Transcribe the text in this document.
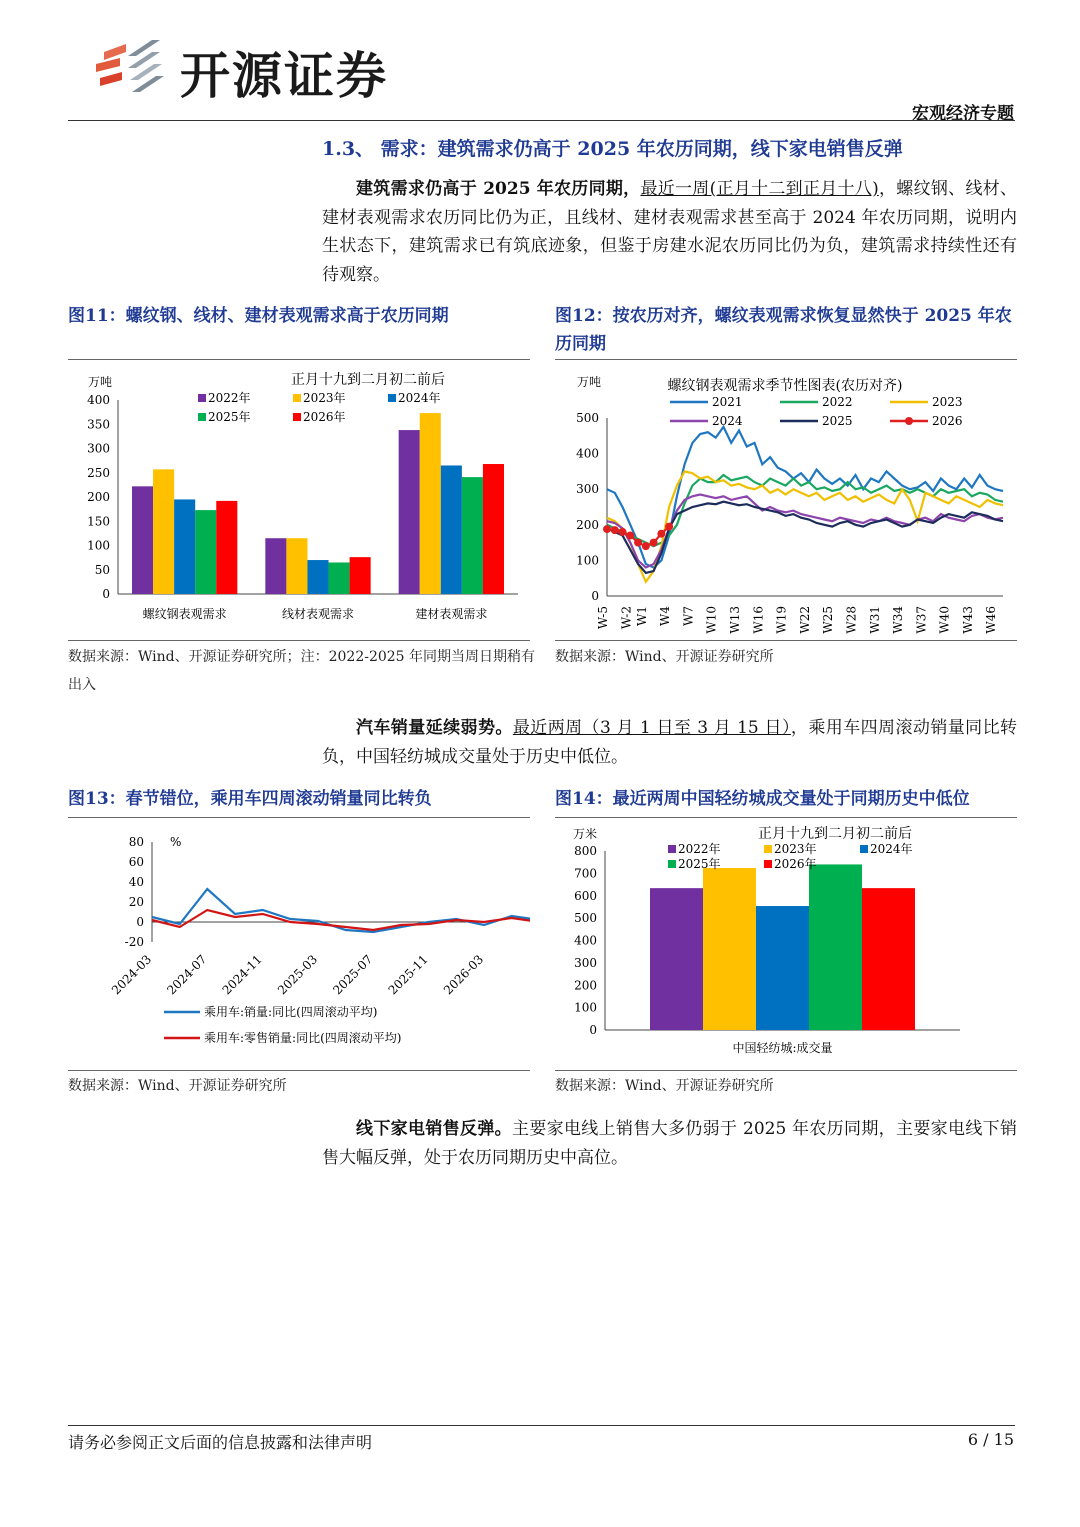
开源证券
宏观经济专题
1.3、 需求：建筑需求仍高于 2025 年农历同期，线下家电销售反弹
建筑需求仍高于 2025 年农历同期，最近一周(正月十二到正月十八)，螺纹钢、线材、建材表观需求农历同比仍为正，且线材、建材表观需求甚至高于 2024 年农历同期，说明内生状态下，建筑需求已有筑底迹象，但鉴于房建水泥农历同比仍为负，建筑需求持续性还有待观察。
图11：螺纹钢、线材、建材表观需求高于农历同期
万吨	正月十九到二月初二前后
0
50
100
150
200
250
300
350
400
螺纹钢表观需求	线材表观需求	建材表观需求
2022年	2023年	2024年
2025年	2026年
数据来源：Wind、开源证券研究所；注：2022-2025 年同期当周日期稍有出入
图12：按农历对齐，螺纹表观需求恢复显然快于 2025 年农历同期
万吨	螺纹钢表观需求季节性图表(农历对齐)
0
100
200
300
400
500
W-5 W-2 W1 W4 W7 W10 W13 W16 W19 W22 W25 W28 W31 W34 W37 W40 W43 W46
2021	2022	2023
2024	2025	2026
数据来源：Wind、开源证券研究所
汽车销量延续弱势。最近两周（3 月 1 日至 3 月 15 日），乘用车四周滚动销量同比转负，中国轻纺城成交量处于历史中低位。
图13：春节错位，乘用车四周滚动销量同比转负
%
-20
0
20
40
60
80
2024-03 2024-07 2024-11 2025-03 2025-07 2025-11 2026-03
乘用车:销量:同比(四周滚动平均)
乘用车:零售销量:同比(四周滚动平均)
数据来源：Wind、开源证券研究所
图14：最近两周中国轻纺城成交量处于同期历史中低位
万米	正月十九到二月初二前后
0
100
200
300
400
500
600
700
800
中国轻纺城:成交量
2022年	2023年	2024年
2025年	2026年
数据来源：Wind、开源证券研究所
线下家电销售反弹。主要家电线上销售大多仍弱于 2025 年农历同期，主要家电线下销售大幅反弹，处于农历同期历史中高位。
请务必参阅正文后面的信息披露和法律声明	6 / 15
